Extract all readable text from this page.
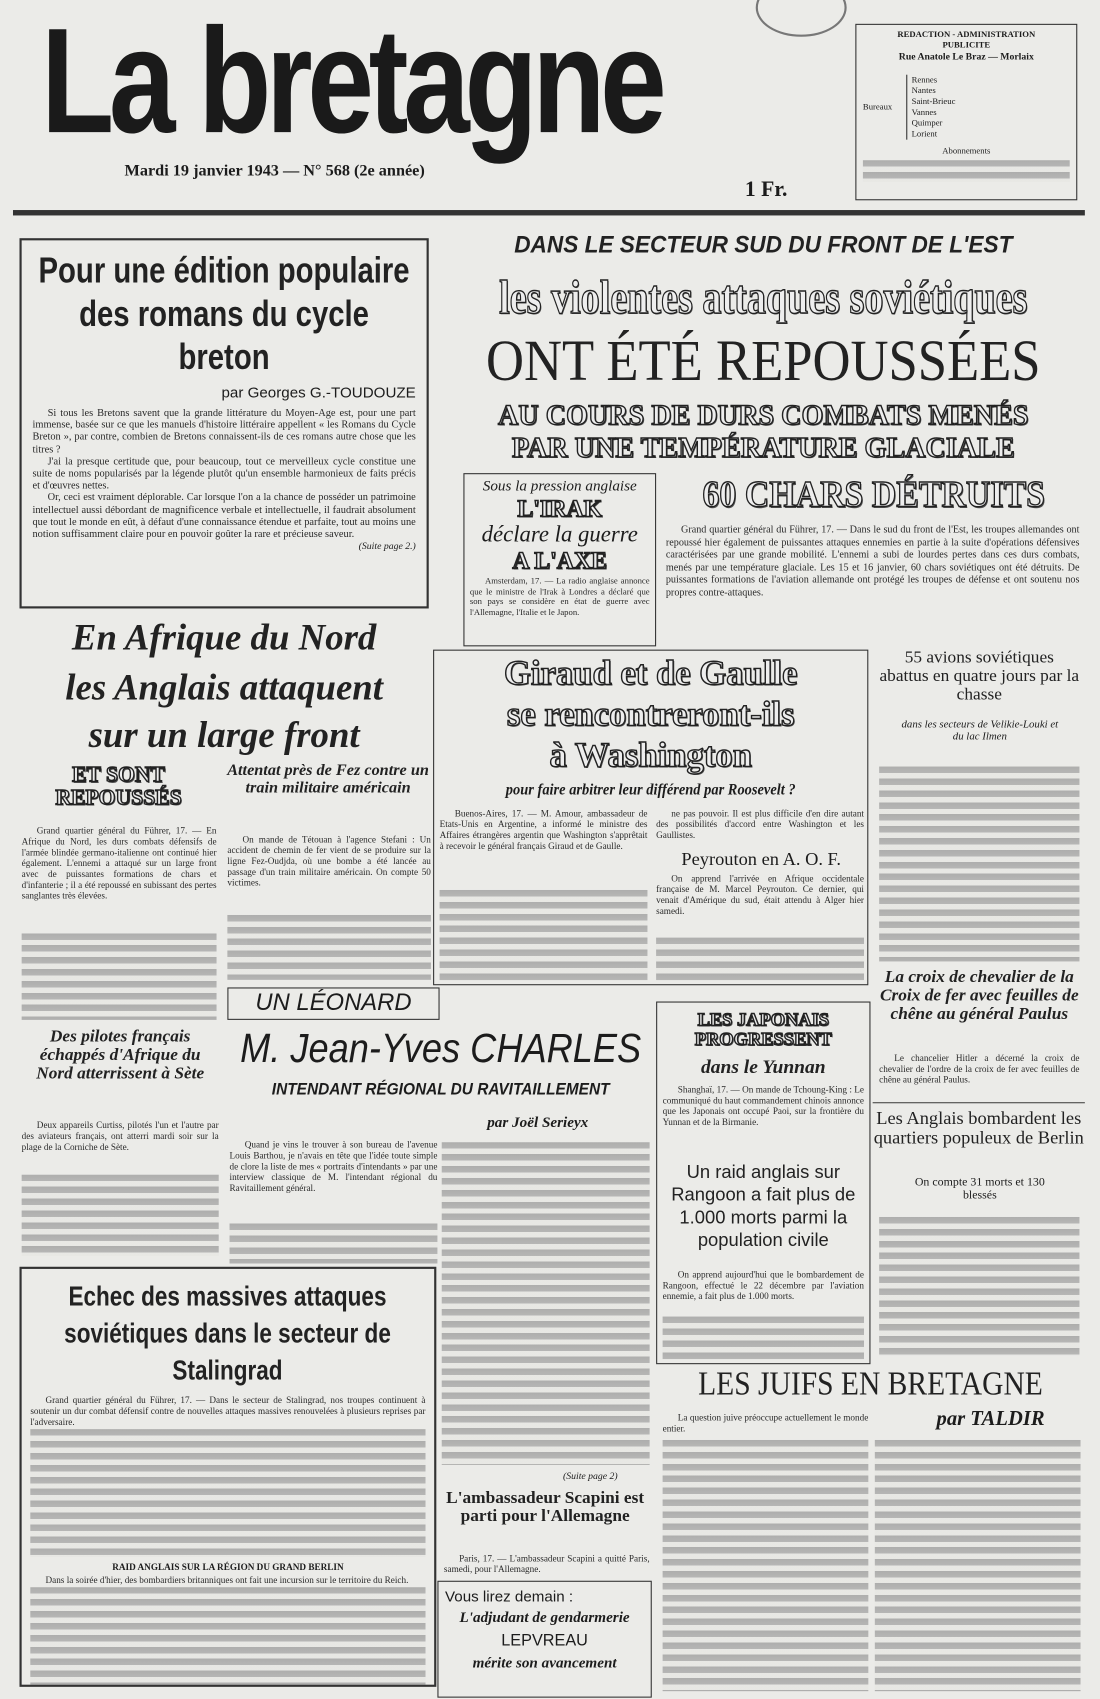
La bretagne
Mardi 19 janvier 1943 — N° 568 (2e année)
1 Fr.
REDACTION - ADMINISTRATION
PUBLICITE
Rue Anatole Le Braz — Morlaix
Bureaux
Rennes
Nantes
Saint-Brieuc
Vannes
Quimper
Lorient
Abonnements
Pour une édition populaire des romans du cycle breton
par Georges G.-TOUDOUZE

Si tous les Bretons savent que la grande littérature du Moyen-Age est, pour une part immense, basée sur ce que les manuels d'histoire littéraire appellent « les Romans du Cycle Breton », par contre, combien de Bretons connaissent-ils de ces romans autre chose que les titres ?

J'ai la presque certitude que, pour beaucoup, tout ce merveilleux cycle constitue une suite de noms popularisés par la légende plutôt qu'un ensemble harmonieux de faits précis et d'œuvres nettes.

Or, ceci est vraiment déplorable. Car lorsque l'on a la chance de posséder un patrimoine intellectuel aussi débordant de magnificence verbale et intellectuelle, il faudrait absolument que tout le monde en eût, à défaut d'une connaissance étendue et parfaite, tout au moins une notion suffisamment claire pour en pouvoir goûter la rare et précieuse saveur.

(Suite page 2.)
DANS LE SECTEUR SUD DU FRONT DE L'EST
les violentes attaques soviétiques
ONT ÉTÉ REPOUSSÉES
AU COURS DE DURS COMBATS MENÉS
PAR UNE TEMPÉRATURE GLACIALE
Sous la pression anglaise
L'IRAK
déclare la guerre
A L'AXE
Amsterdam, 17. — La radio anglaise annonce que le ministre de l'Irak à Londres a déclaré que son pays se considère en état de guerre avec l'Allemagne, l'Italie et le Japon.
60 CHARS DÉTRUITS
Grand quartier général du Führer, 17. — Dans le sud du front de l'Est, les troupes allemandes ont repoussé hier également de puissantes attaques ennemies en partie à la suite d'opérations défensives caractérisées par une grande mobilité. L'ennemi a subi de lourdes pertes dans ces durs combats, menés par une température glaciale. Les 15 et 16 janvier, 60 chars soviétiques ont été détruits. De puissantes formations de l'aviation allemande ont protégé les troupes de défense et ont soutenu nos propres contre-attaques.
En Afrique du Nord
les Anglais attaquent
sur un large front
ET SONT REPOUSSÉS
Grand quartier général du Führer, 17. — En Afrique du Nord, les durs combats défensifs de l'armée blindée germano-italienne ont continué hier également. L'ennemi a attaqué sur un large front avec de puissantes formations de chars et d'infanterie ; il a été repoussé en subissant des pertes sanglantes très élevées.
Attentat près de Fez contre un train militaire américain
On mande de Tétouan à l'agence Stefani : Un accident de chemin de fer vient de se produire sur la ligne Fez-Oudjda, où une bombe a été lancée au passage d'un train militaire américain. On compte 50 victimes.
Des pilotes français échappés d'Afrique du Nord atterrissent à Sète
Deux appareils Curtiss, pilotés l'un et l'autre par des aviateurs français, ont atterri mardi soir sur la plage de la Corniche de Sète.
Giraud et de Gaulle
se rencontreront-ils
à Washington
pour faire arbitrer leur différend par Roosevelt ?
Buenos-Aires, 17. — M. Amour, ambassadeur de Etats-Unis en Argentine, a informé le ministre des Affaires étrangères argentin que Washington s'apprêtait à recevoir le général français Giraud et de Gaulle.
ne pas pouvoir. Il est plus difficile d'en dire autant des possibilités d'accord entre Washington et les Gaullistes.
Peyrouton en A. O. F.
On apprend l'arrivée en Afrique occidentale française de M. Marcel Peyrouton. Ce dernier, qui venait d'Amérique du sud, était attendu à Alger hier samedi.
55 avions soviétiques abattus en quatre jours par la chasse
dans les secteurs de Velikie-Louki et du lac Ilmen
La croix de chevalier de la Croix de fer avec feuilles de chêne au général Paulus
Le chancelier Hitler a décerné la croix de chevalier de l'ordre de la croix de fer avec feuilles de chêne au général Paulus.
Les Anglais bombardent les quartiers populeux de Berlin
On compte 31 morts et 130 blessés
UN LÉONARD
M. Jean-Yves CHARLES
INTENDANT RÉGIONAL DU RAVITAILLEMENT
par Joël Serieyx
Quand je vins le trouver à son bureau de l'avenue Louis Barthou, je n'avais en tête que l'idée toute simple de clore la liste de mes « portraits d'intendants » par une interview classique de M. l'intendant régional du Ravitaillement général.
(Suite page 2)
LES JAPONAIS PROGRESSENT
dans le Yunnan
Shanghaï, 17. — On mande de Tchoung-King : Le communiqué du haut commandement chinois annonce que les Japonais ont occupé Paoi, sur la frontière du Yunnan et de la Birmanie.
Un raid anglais sur Rangoon a fait plus de 1.000 morts parmi la population civile
On apprend aujourd'hui que le bombardement de Rangoon, effectué le 22 décembre par l'aviation ennemie, a fait plus de 1.000 morts.
Echec des massives attaques soviétiques dans le secteur de Stalingrad
Grand quartier général du Führer, 17. — Dans le secteur de Stalingrad, nos troupes continuent à soutenir un dur combat défensif contre de nouvelles attaques massives renouvelées à plusieurs reprises par l'adversaire.
RAID ANGLAIS SUR LA RÉGION DU GRAND BERLIN
Dans la soirée d'hier, des bombardiers britanniques ont fait une incursion sur le territoire du Reich.
L'ambassadeur Scapini est parti pour l'Allemagne
Paris, 17. — L'ambassadeur Scapini a quitté Paris, samedi, pour l'Allemagne.
Vous lirez demain :
L'adjudant de gendarmerie
LEPVREAU
mérite son avancement
LES JUIFS EN BRETAGNE
par TALDIR
La question juive préoccupe actuellement le monde entier.
